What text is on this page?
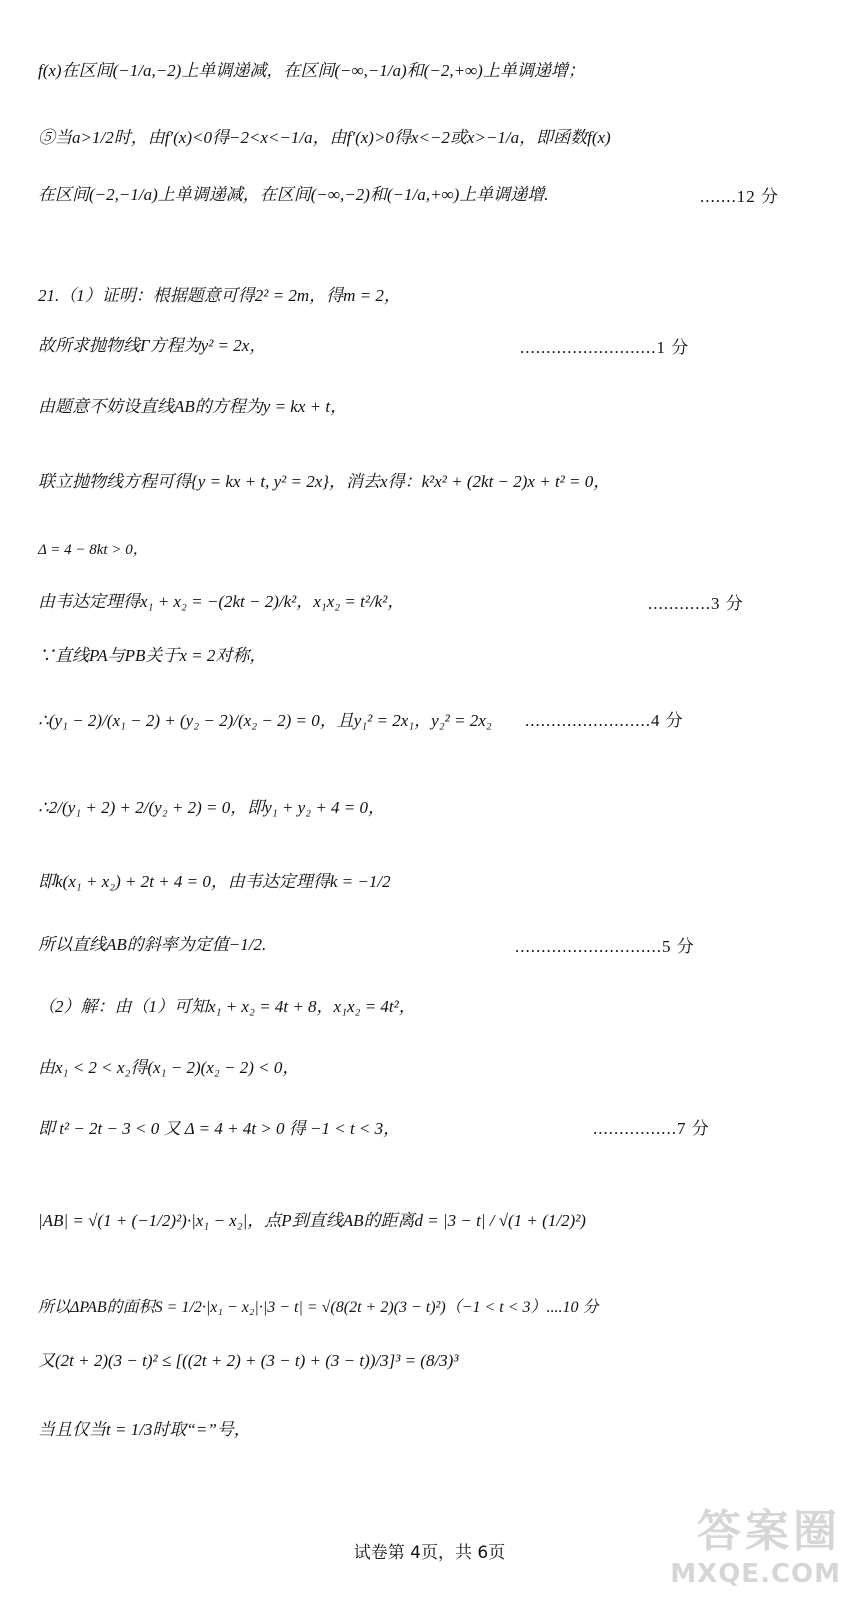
f(x)在区间(−1/a,−2)上单调递减，在区间(−∞,−1/a)和(−2,+∞)上单调递增；
⑤当a>1/2时，由f′(x)<0得−2<x<−1/a，由f′(x)>0得x<−2或x>−1/a，即函数f(x)
在区间(−2,−1/a)上单调递减，在区间(−∞,−2)和(−1/a,+∞)上单调递增.	.......12 分
21.（1）证明：根据题意可得2² = 2m，得m = 2，
故所求抛物线Γ方程为y² = 2x，	..........................1 分
由题意不妨设直线AB的方程为y = kx + t，
联立抛物线方程可得{y = kx + t, y² = 2x}，消去x得：k²x² + (2kt − 2)x + t² = 0，
Δ = 4 − 8kt > 0，
由韦达定理得x₁ + x₂ = −(2kt − 2)/k²，x₁x₂ = t²/k²，	............3 分
∵直线PA与PB关于x = 2对称，
∴(y₁ − 2)/(x₁ − 2) + (y₂ − 2)/(x₂ − 2) = 0，且y₁² = 2x₁，y₂² = 2x₂ ........................4 分
∴2/(y₁ + 2) + 2/(y₂ + 2) = 0，即y₁ + y₂ + 4 = 0，
即k(x₁ + x₂) + 2t + 4 = 0，由韦达定理得k = −1/2
所以直线AB的斜率为定值−1/2.	............................5 分
（2）解：由（1）可知x₁ + x₂ = 4t + 8，x₁x₂ = 4t²，
由x₁ < 2 < x₂得(x₁ − 2)(x₂ − 2) < 0，
即 t² − 2t − 3 < 0 又 Δ = 4 + 4t > 0 得 −1 < t < 3，	................7 分
|AB| = √(1 + (−1/2)²)·|x₁ − x₂|，点P到直线AB的距离d = |3 − t| / √(1 + (1/2)²)
所以ΔPAB的面积S = 1/2·|x₁ − x₂|·|3 − t| = √(8(2t + 2)(3 − t)²)（−1 < t < 3）....10 分
又(2t + 2)(3 − t)² ≤ [((2t + 2) + (3 − t) + (3 − t))/3]³ = (8/3)³
当且仅当t = 1/3时取“=”号，
试卷第 4页，共 6页	答案圈
MXQE.COM
